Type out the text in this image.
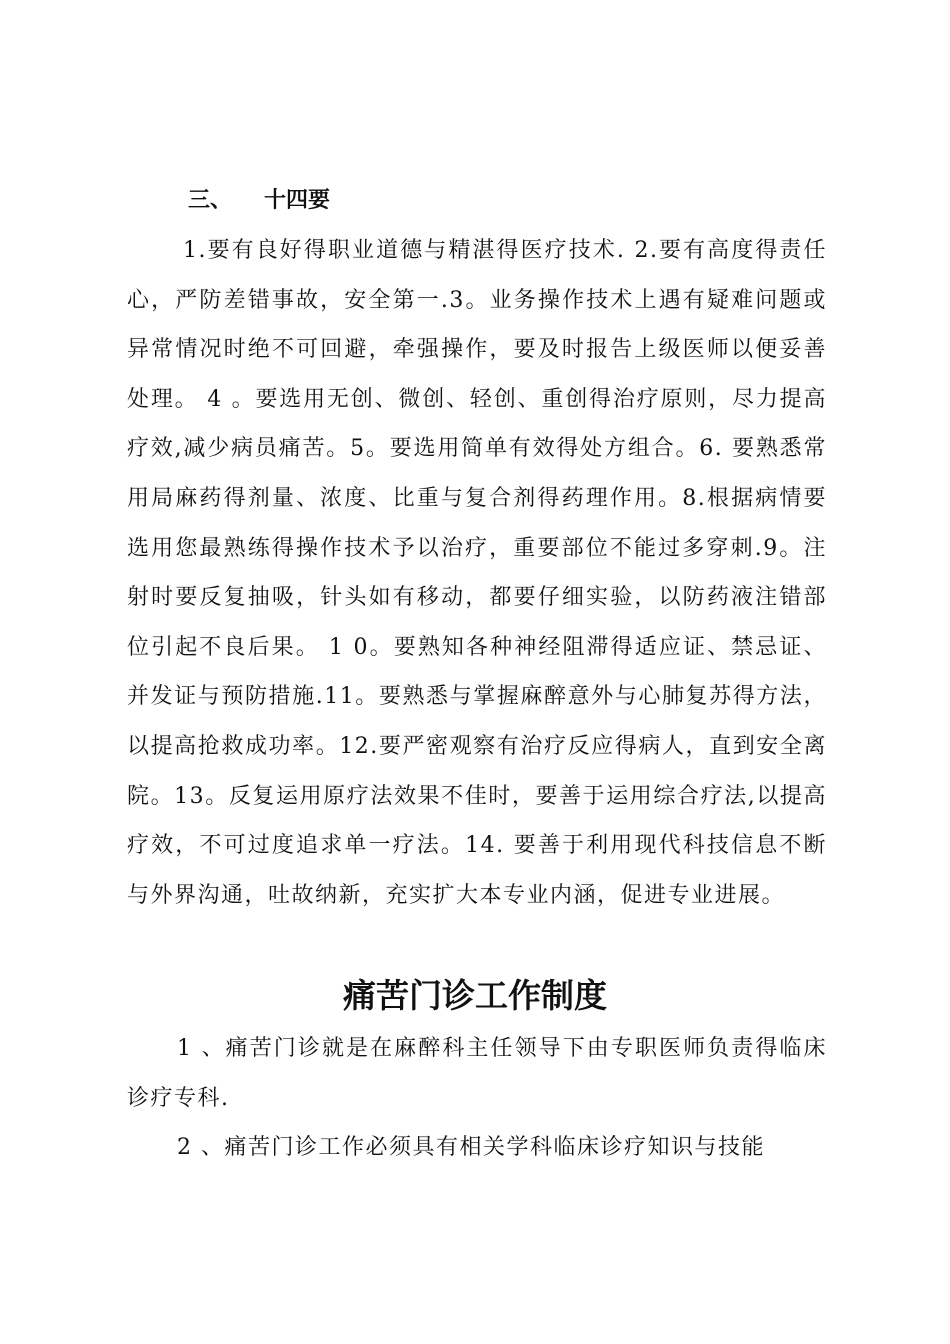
三、 十四要

1.要有良好得职业道德与精湛得医疗技术. 2.要有高度得责任心，严防差错事故，安全第一.3。业务操作技术上遇有疑难问题或异常情况时绝不可回避，牵强操作，要及时报告上级医师以便妥善处理。 4 。要选用无创、微创、轻创、重创得治疗原则，尽力提高疗效,减少病员痛苦。5。要选用简单有效得处方组合。6. 要熟悉常用局麻药得剂量、浓度、比重与复合剂得药理作用。8.根据病情要选用您最熟练得操作技术予以治疗，重要部位不能过多穿刺.9。注射时要反复抽吸，针头如有移动，都要仔细实验，以防药液注错部位引起不良后果。 1 0。要熟知各种神经阻滞得适应证、禁忌证、并发证与预防措施.11。要熟悉与掌握麻醉意外与心肺复苏得方法，以提高抢救成功率。12.要严密观察有治疗反应得病人，直到安全离院。13。反复运用原疗法效果不佳时，要善于运用综合疗法,以提高疗效，不可过度追求单一疗法。14. 要善于利用现代科技信息不断与外界沟通，吐故纳新，充实扩大本专业内涵，促进专业进展。

痛苦门诊工作制度

1 、痛苦门诊就是在麻醉科主任领导下由专职医师负责得临床诊疗专科.

2 、痛苦门诊工作必须具有相关学科临床诊疗知识与技能
